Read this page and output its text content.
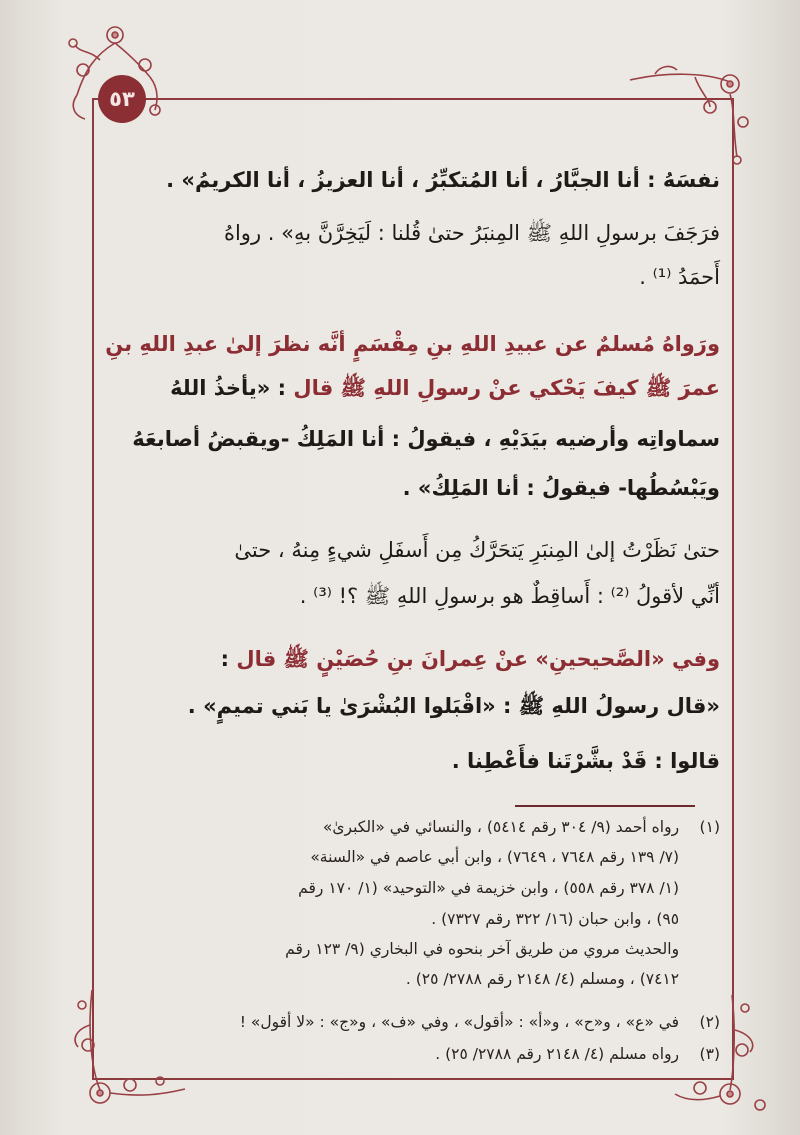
٥٣
نفسَهُ : أنا الجبَّارُ ، أنا المُتكبِّرُ ، أنا العزيزُ ، أنا الكريمُ» .
فرَجَفَ برسولِ اللهِ ﷺ المِنبَرُ حتىٰ قُلنا : لَيَخِرَّنَّ بهِ» . رواهُ
أَحمَدُ ⁽¹⁾ .
ورَواهُ مُسلمٌ عن عبيدِ اللهِ بنِ مِقْسَمٍ أنَّه نظرَ إلىٰ عبدِ اللهِ بنِ
عمرَ ﷺ كيفَ يَحْكي عنْ رسولِ اللهِ ﷺ قال : «يأخذُ اللهُ
سماواتِه وأرضيه بيَدَيْهِ ، فيقولُ : أنا المَلِكُ -ويقبضُ أصابعَهُ
ويَبْسُطُها- فيقولُ : أنا المَلِكُ» .
حتىٰ نَظَرْتُ إلىٰ المِنبَرِ يَتحَرَّكُ مِن أَسفَلِ شيءٍ مِنهُ ، حتىٰ
أنِّي لأقولُ ⁽²⁾ : أَساقِطٌ هو برسولِ اللهِ ﷺ ؟! ⁽³⁾ .
وفي «الصَّحيحينِ» عنْ عِمرانَ بنِ حُصَيْنٍ ﷺ قال :
«قال رسولُ اللهِ ﷺ : «اقْبَلوا البُشْرَىٰ يا بَني تميمٍ» .
قالوا : قَدْ بشَّرْتَنا فأَعْطِنا .
(١) رواه أحمد (٩/ ٣٠٤ رقم ٥٤١٤) ، والنسائي في «الكبرىٰ»
(٧/ ١٣٩ رقم ٧٦٤٨ ، ٧٦٤٩) ، وابن أبي عاصم في «السنة»
(١/ ٣٧٨ رقم ٥٥٨) ، وابن خزيمة في «التوحيد» (١/ ١٧٠ رقم
٩٥) ، وابن حبان (١٦/ ٣٢٢ رقم ٧٣٢٧) .
والحديث مروي من طريق آخر بنحوه في البخاري (٩/ ١٢٣ رقم
٧٤١٢) ، ومسلم (٤/ ٢١٤٨ رقم ٢٧٨٨/ ٢٥) .
(٢) في «ع» ، و«ح» ، و«أ» : «أقول» ، وفي «ف» ، و«ج» : «لا أقول» !
(٣) رواه مسلم (٤/ ٢١٤٨ رقم ٢٧٨٨/ ٢٥) .
